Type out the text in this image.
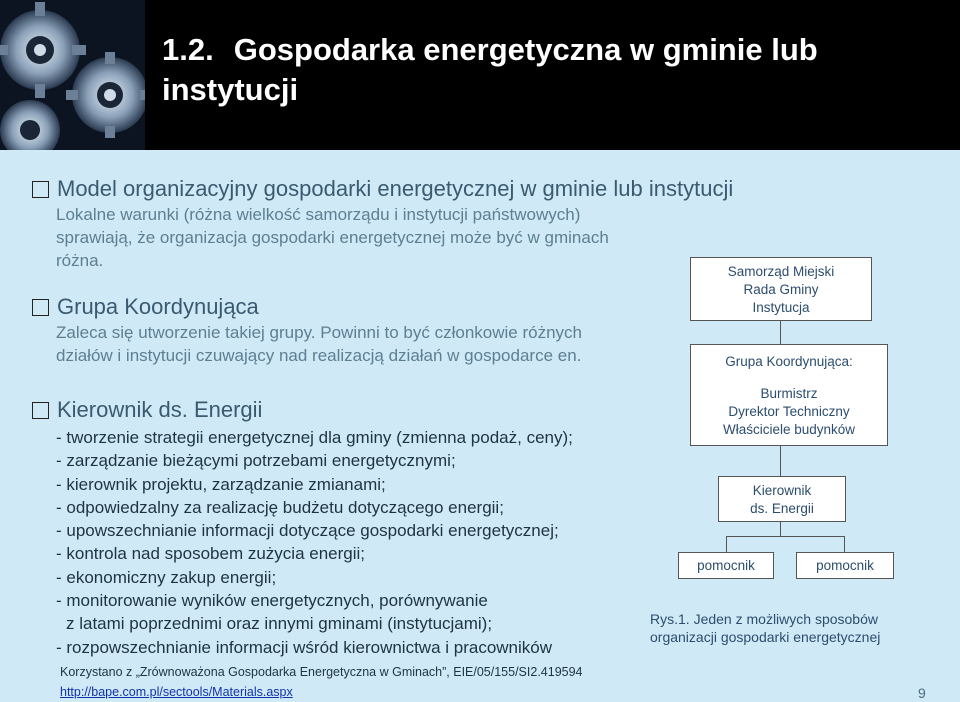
1.2. Gospodarka energetyczna w gminie lub
instytucji
Model organizacyjny gospodarki energetycznej w gminie lub instytucji
Lokalne warunki (różna wielkość samorządu i instytucji państwowych)
sprawiają, że organizacja gospodarki energetycznej może być w gminach
różna.
Grupa Koordynująca
Zaleca się utworzenie takiej grupy. Powinni to być członkowie różnych
działów i instytucji czuwający nad realizacją działań w gospodarce en.
Kierownik ds. Energii
- tworzenie strategii energetycznej dla gminy (zmienna podaż, ceny);
- zarządzanie bieżącymi potrzebami energetycznymi;
- kierownik projektu, zarządzanie zmianami;
- odpowiedzalny za realizację budżetu dotyczącego energii;
- upowszechnianie informacji dotyczące gospodarki energetycznej;
- kontrola nad sposobem zużycia energii;
- ekonomiczny zakup energii;
- monitorowanie wyników energetycznych, porównywanie
z latami poprzednimi oraz innymi gminami (instytucjami);
- rozpowszechnianie informacji wśród kierownictwa i pracowników
Samorząd Miejski
Rada Gminy
Instytucja
Grupa Koordynująca:
Burmistrz
Dyrektor Techniczny
Właściciele budynków
Kierownik
ds. Energii
pomocnik	pomocnik
Rys.1. Jeden z możliwych sposobów
organizacji gospodarki energetycznej
Korzystano z „Zrównoważona Gospodarka Energetyczna w Gminach”, EIE/05/155/SI2.419594
http://bape.com.pl/sectools/Materials.aspx	9
